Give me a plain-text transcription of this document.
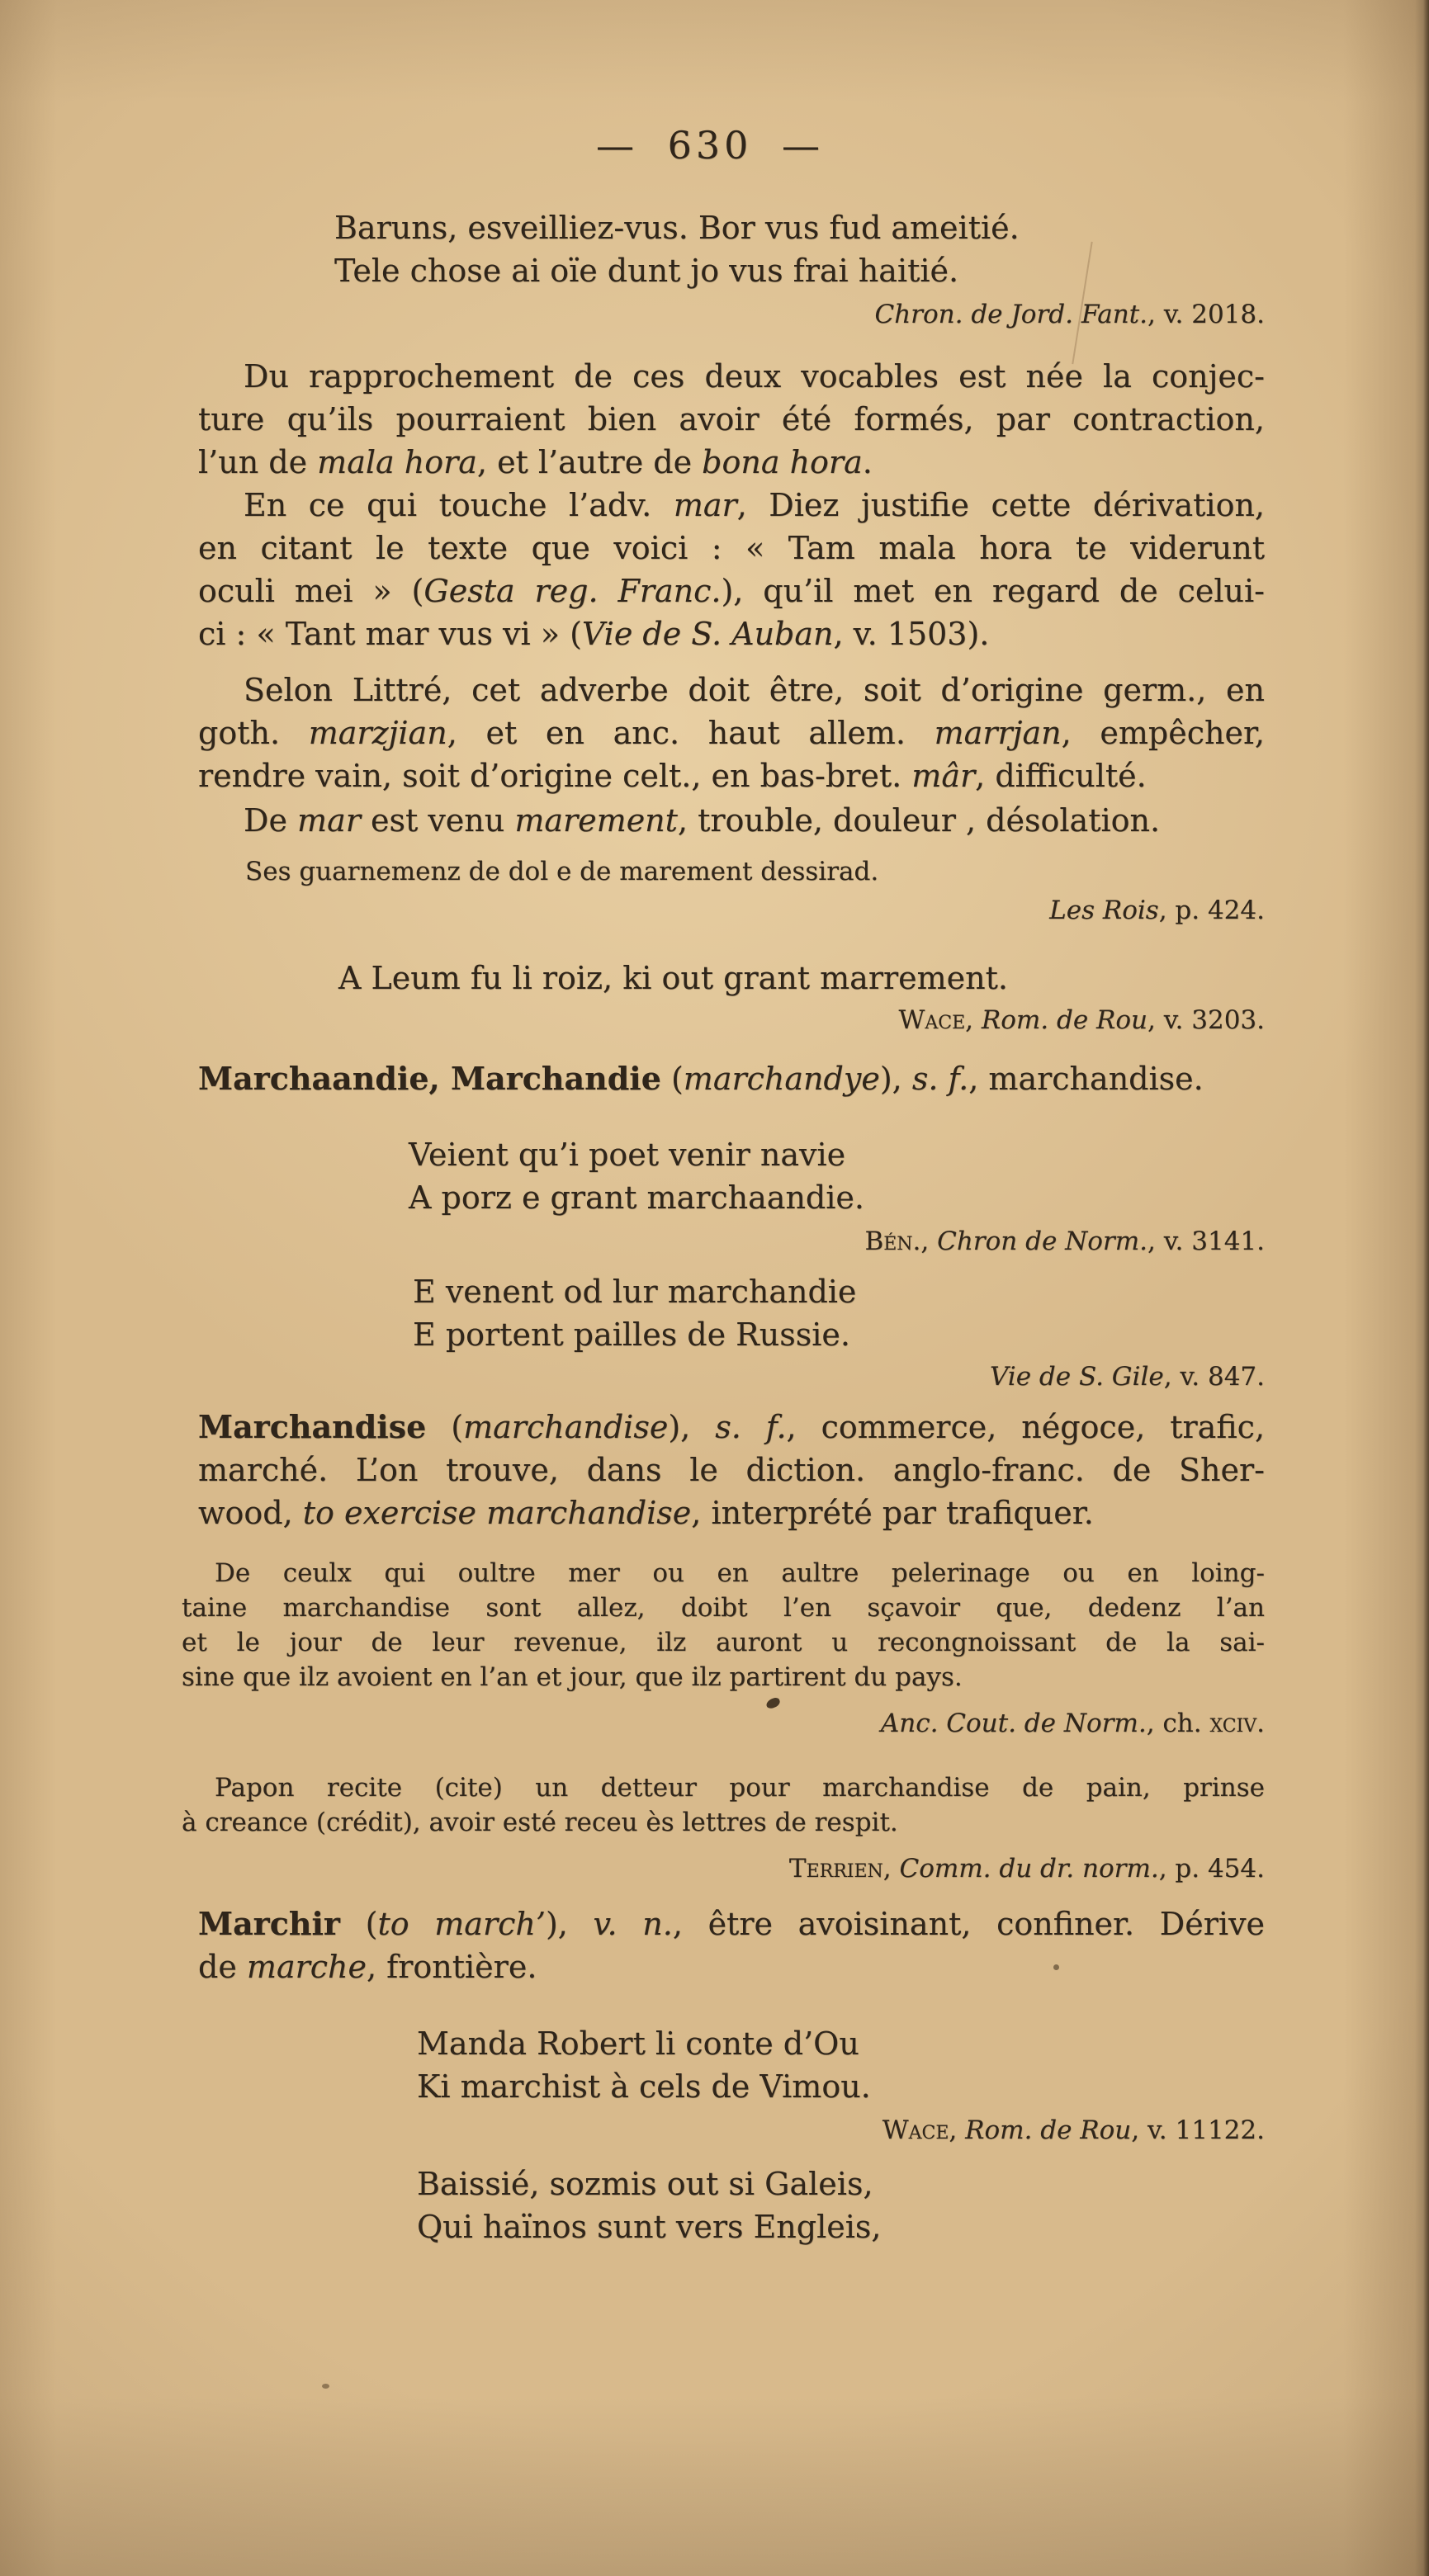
— 630 —
Baruns, esveilliez-vus. Bor vus fud ameitié.
Tele chose ai oïe dunt jo vus frai haitié.
Chron. de Jord. Fant., v. 2018.
Du rapprochement de ces deux vocables est née la conjec-
ture qu’ils pourraient bien avoir été formés, par contraction,
l’un de mala hora, et l’autre de bona hora.
En ce qui touche l’adv. mar, Diez justifie cette dérivation,
en citant le texte que voici : « Tam mala hora te viderunt
oculi mei » (Gesta reg. Franc.), qu’il met en regard de celui-
ci : « Tant mar vus vi » (Vie de S. Auban, v. 1503).
Selon Littré, cet adverbe doit être, soit d’origine germ., en
goth. marzjian, et en anc. haut allem. marrjan, empêcher,
rendre vain, soit d’origine celt., en bas-bret. mâr, difficulté.
De mar est venu marement, trouble, douleur , désolation.
Ses guarnemenz de dol e de marement dessirad.
Les Rois, p. 424.
A Leum fu li roiz, ki out grant marrement.
Wace, Rom. de Rou, v. 3203.
Marchaandie, Marchandie (marchandye), s. f., marchandise.
Veient qu’i poet venir navie
A porz e grant marchaandie.
Bén., Chron de Norm., v. 3141.
E venent od lur marchandie
E portent pailles de Russie.
Vie de S. Gile, v. 847.
Marchandise (marchandise), s. f., commerce, négoce, trafic,
marché. L’on trouve, dans le diction. anglo-franc. de Sher-
wood, to exercise marchandise, interprété par trafiquer.
De ceulx qui oultre mer ou en aultre pelerinage ou en loing-
taine marchandise sont allez, doibt l’en sçavoir que, dedenz l’an
et le jour de leur revenue, ilz auront u recongnoissant de la sai-
sine que ilz avoient en l’an et jour, que ilz partirent du pays.
Anc. Cout. de Norm., ch. xciv.
Papon recite (cite) un detteur pour marchandise de pain, prinse
à creance (crédit), avoir esté receu ès lettres de respit.
Terrien, Comm. du dr. norm., p. 454.
Marchir (to march’), v. n., être avoisinant, confiner. Dérive
de marche, frontière.
Manda Robert li conte d’Ou
Ki marchist à cels de Vimou.
Wace, Rom. de Rou, v. 11122.
Baissié, sozmis out si Galeis,
Qui haïnos sunt vers Engleis,
